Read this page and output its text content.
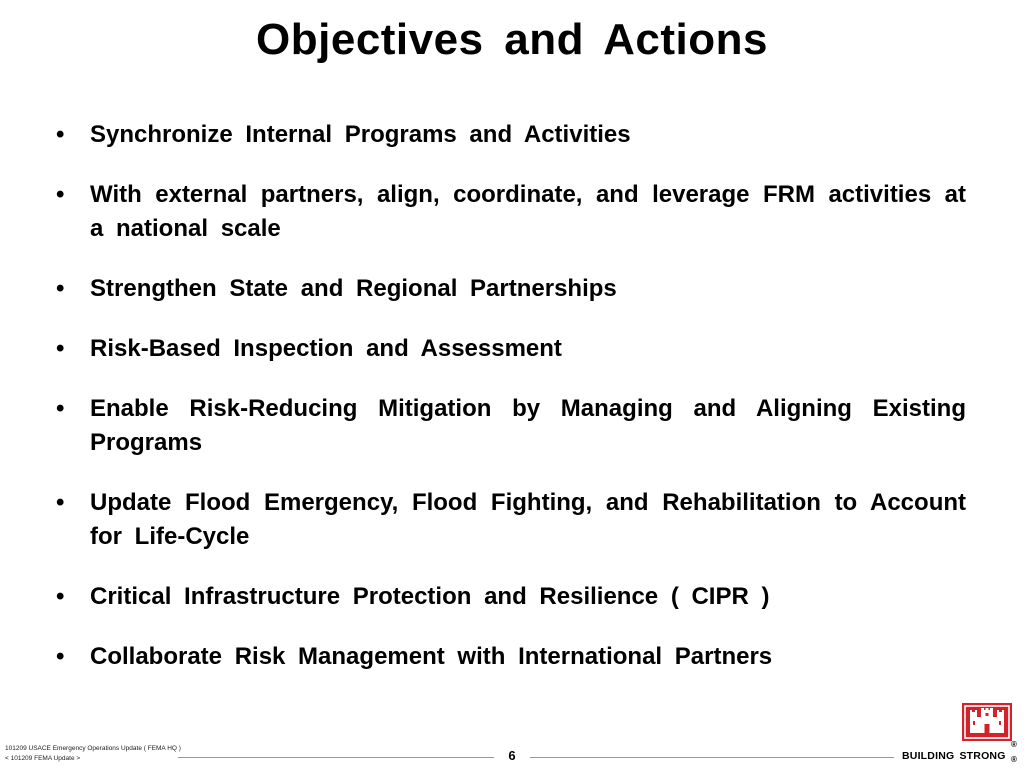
Objectives and Actions
• Synchronize Internal Programs and Activities
• With external partners, align, coordinate, and leverage FRM activities at a national scale
• Strengthen State and Regional Partnerships
• Risk-Based Inspection and Assessment
• Enable Risk-Reducing Mitigation by Managing and Aligning Existing Programs
• Update Flood Emergency, Flood Fighting, and Rehabilitation to Account for Life-Cycle
• Critical Infrastructure Protection and Resilience ( CIPR )
• Collaborate Risk Management with International Partners
101209 USACE Emergency Operations Update ( FEMA HQ )
< 101209 FEMA Update >	6
®
BUILDING STRONG ®
